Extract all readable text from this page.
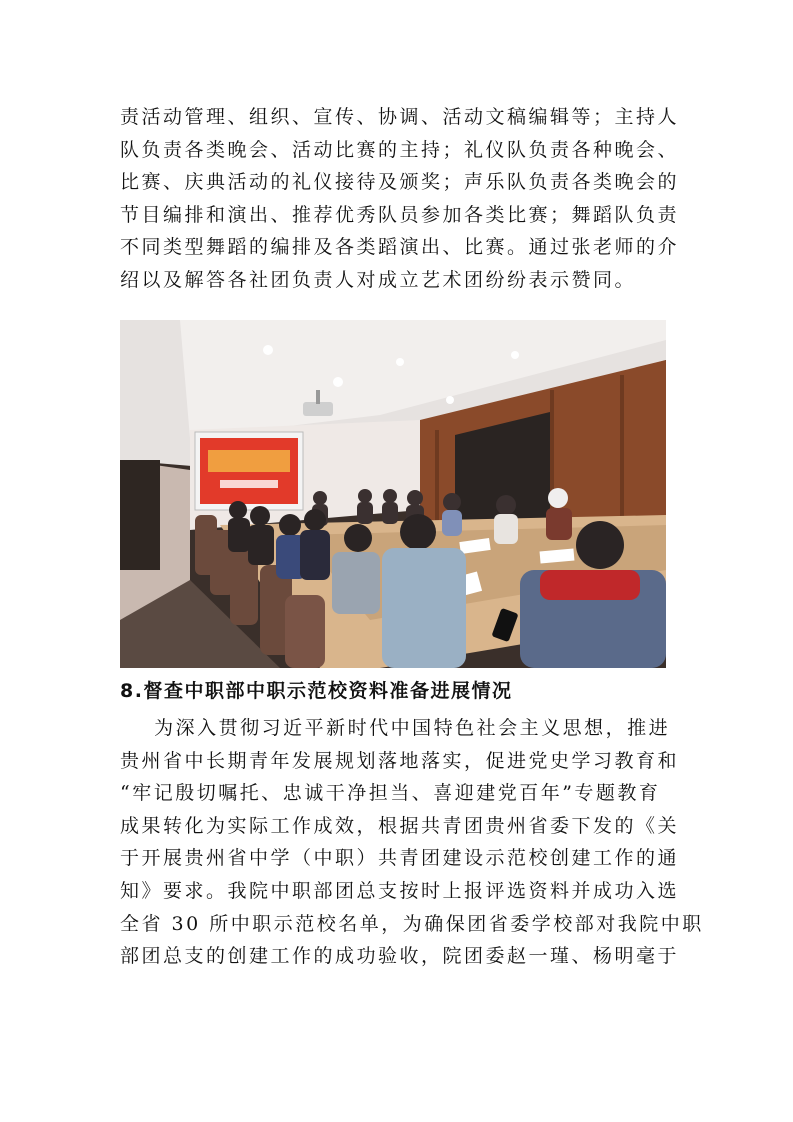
责活动管理、组织、宣传、协调、活动文稿编辑等；主持人
队负责各类晚会、活动比赛的主持；礼仪队负责各种晚会、
比赛、庆典活动的礼仪接待及颁奖；声乐队负责各类晚会的
节目编排和演出、推荐优秀队员参加各类比赛；舞蹈队负责
不同类型舞蹈的编排及各类蹈演出、比赛。通过张老师的介
绍以及解答各社团负责人对成立艺术团纷纷表示赞同。
8.督查中职部中职示范校资料准备进展情况
为深入贯彻习近平新时代中国特色社会主义思想，推进
贵州省中长期青年发展规划落地落实，促进党史学习教育和
“牢记殷切嘱托、忠诚干净担当、喜迎建党百年”专题教育
成果转化为实际工作成效，根据共青团贵州省委下发的《关
于开展贵州省中学（中职）共青团建设示范校创建工作的通
知》要求。我院中职部团总支按时上报评选资料并成功入选
全省 30 所中职示范校名单，为确保团省委学校部对我院中职
部团总支的创建工作的成功验收，院团委赵一瑾、杨明毫于
